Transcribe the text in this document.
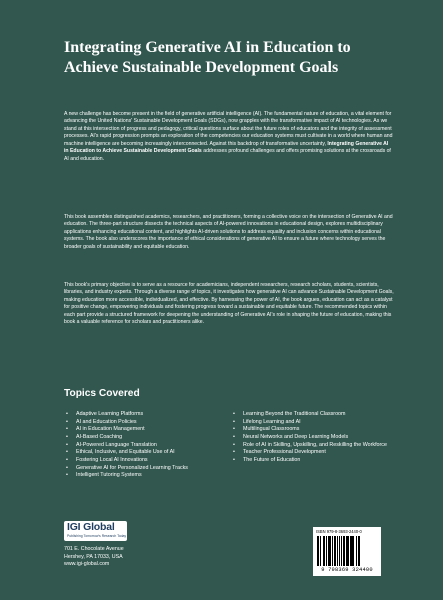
Integrating Generative AI in Education to Achieve Sustainable Development Goals

A new challenge has become present in the field of generative artificial intelligence (AI). The fundamental nature of education, a vital element for advancing the United Nations' Sustainable Development Goals (SDGs), now grapples with the transformative impact of AI technologies. As we stand at this intersection of progress and pedagogy, critical questions surface about the future roles of educators and the integrity of assessment processes. AI's rapid progression prompts an exploration of the competencies our education systems must cultivate in a world where human and machine intelligence are becoming increasingly interconnected. Against this backdrop of transformative uncertainty, Integrating Generative AI in Education to Achieve Sustainable Development Goals addresses profound challenges and offers promising solutions at the crossroads of AI and education.

This book assembles distinguished academics, researchers, and practitioners, forming a collective voice on the intersection of Generative AI and education. The three-part structure dissects the technical aspects of AI-powered innovations in educational design, explores multidisciplinary applications enhancing educational content, and highlights AI-driven solutions to address equality and inclusion concerns within educational systems. The book also underscores the importance of ethical considerations of generative AI to ensure a future where technology serves the broader goals of sustainability and equitable education.

This book's primary objective is to serve as a resource for academicians, independent researchers, research scholars, students, scientists, libraries, and industry experts. Through a diverse range of topics, it investigates how generative AI can advance Sustainable Development Goals, making education more accessible, individualized, and effective. By harnessing the power of AI, the book argues, education can act as a catalyst for positive change, empowering individuals and fostering progress toward a sustainable and equitable future. The recommended topics within each part provide a structured framework for deepening the understanding of Generative AI's role in shaping the future of education, making this book a valuable reference for scholars and practitioners alike.

Topics Covered
• Adaptive Learning Platforms
• AI and Education Policies
• AI in Education Management
• AI-Based Coaching
• AI-Powered Language Translation
• Ethical, Inclusive, and Equitable Use of AI
• Fostering Local AI Innovations
• Generative AI for Personalized Learning Tracks
• Intelligent Tutoring Systems
• Learning Beyond the Traditional Classroom
• Lifelong Learning and AI
• Multilingual Classrooms
• Neural Networks and Deep Learning Models
• Role of AI in Skilling, Upskilling, and Reskilling the Workforce
• Teacher Professional Development
• The Future of Education
IGI Global
Publishing Tomorrow's Research Today
701 E. Chocolate Avenue
Hershey, PA 17033, USA
www.igi-global.com
ISBN 979-8-3693-2440-0
9 798369 324400
